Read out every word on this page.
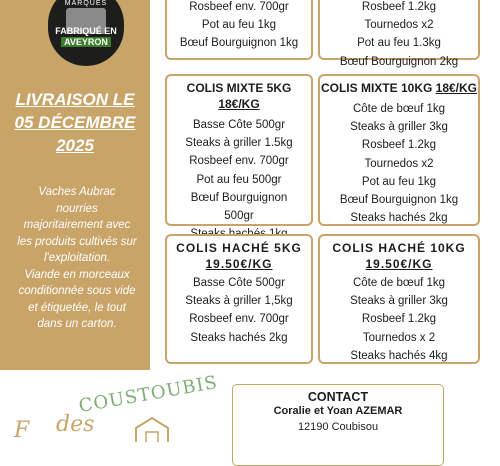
MARQUES
FABRIQUÉ EN
AVEYRON
LIVRAISON LE
05 DÉCEMBRE
2025
Vaches Aubrac
nourries
majoritairement avec
les produits cultivés sur
l'exploitation.
Viande en morceaux
conditionnée sous vide
et étiquetée, le tout
dans un carton.
Rosbeef env. 700gr
Pot au feu 1kg
Bœuf Bourguignon 1kg
Rosbeef 1.2kg
Tournedos x2
Pot au feu 1.3kg
Bœuf Bourguignon 2kg
COLIS MIXTE 5KG 18€/KG
Basse Côte 500gr
Steaks à griller 1.5kg
Rosbeef env. 700gr
Pot au feu 500gr
Bœuf Bourguignon
500gr
COLIS MIXTE 10KG 18€/KG
Côte de bœuf 1kg
Steaks à griller 3kg
Rosbeef 1.2kg
Tournedos x2
Pot au feu 1kg
Bœuf Bourguignon 1kg
Steaks hachés 2kg
COLIS HACHÉ 5KG
19.50€/KG
Basse Côte 500gr
Steaks à griller 1,5kg
Rosbeef env. 700gr
Steaks hachés 2kg
COLIS HACHÉ 10KG
19.50€/KG
Côte de bœuf 1kg
Steaks à griller 3kg
Rosbeef 1.2kg
Tournedos x 2
Steaks hachés 4kg
COUSTOUBIS
F des
CONTACT
Coralie et Yoan AZEMAR
12190 Coubisou
